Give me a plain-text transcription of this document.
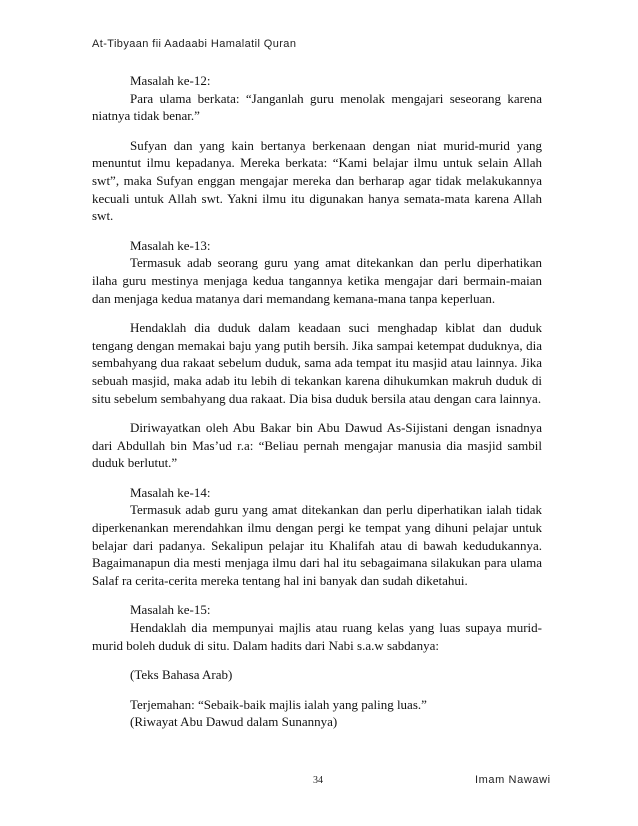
At-Tibyaan fii Aadaabi Hamalatil Quran

Masalah ke-12:

Para ulama berkata: “Janganlah guru menolak mengajari seseorang karena niatnya tidak benar.”

Sufyan dan yang kain bertanya berkenaan dengan niat murid-murid yang menuntut ilmu kepadanya. Mereka berkata: “Kami belajar ilmu untuk selain Allah swt”, maka Sufyan enggan mengajar mereka dan berharap agar tidak melakukannya kecuali untuk Allah swt. Yakni ilmu itu digunakan hanya semata-mata karena Allah swt.

Masalah ke-13:

Termasuk adab seorang guru yang amat ditekankan dan perlu diperhatikan ilaha guru mestinya menjaga kedua tangannya ketika mengajar dari bermain-maian dan menjaga kedua matanya dari memandang kemana-mana tanpa keperluan.

Hendaklah dia duduk dalam keadaan suci menghadap kiblat dan duduk tengang dengan memakai baju yang putih bersih. Jika sampai ketempat duduknya, dia sembahyang dua rakaat sebelum duduk, sama ada tempat itu masjid atau lainnya. Jika sebuah masjid, maka adab itu lebih di tekankan karena dihukumkan makruh duduk di situ sebelum sembahyang dua rakaat. Dia bisa duduk bersila atau dengan cara lainnya.

Diriwayatkan oleh Abu Bakar bin Abu Dawud As-Sijistani dengan isnadnya dari Abdullah bin Mas’ud r.a: “Beliau pernah mengajar manusia dia masjid sambil duduk berlutut.”

Masalah ke-14:

Termasuk adab guru yang amat ditekankan dan perlu diperhatikan ialah tidak diperkenankan merendahkan ilmu dengan pergi ke tempat yang dihuni pelajar untuk belajar dari padanya. Sekalipun pelajar itu Khalifah atau di bawah kedudukannya. Bagaimanapun dia mesti menjaga ilmu dari hal itu sebagaimana silakukan para ulama Salaf ra cerita-cerita mereka tentang hal ini banyak dan sudah diketahui.

Masalah ke-15:

Hendaklah dia mempunyai majlis atau ruang kelas yang luas supaya murid-murid boleh duduk di situ. Dalam hadits dari Nabi s.a.w sabdanya:

(Teks Bahasa Arab)

Terjemahan: “Sebaik-baik majlis ialah yang paling luas.”

(Riwayat Abu Dawud dalam Sunannya)

34	Imam Nawawi
